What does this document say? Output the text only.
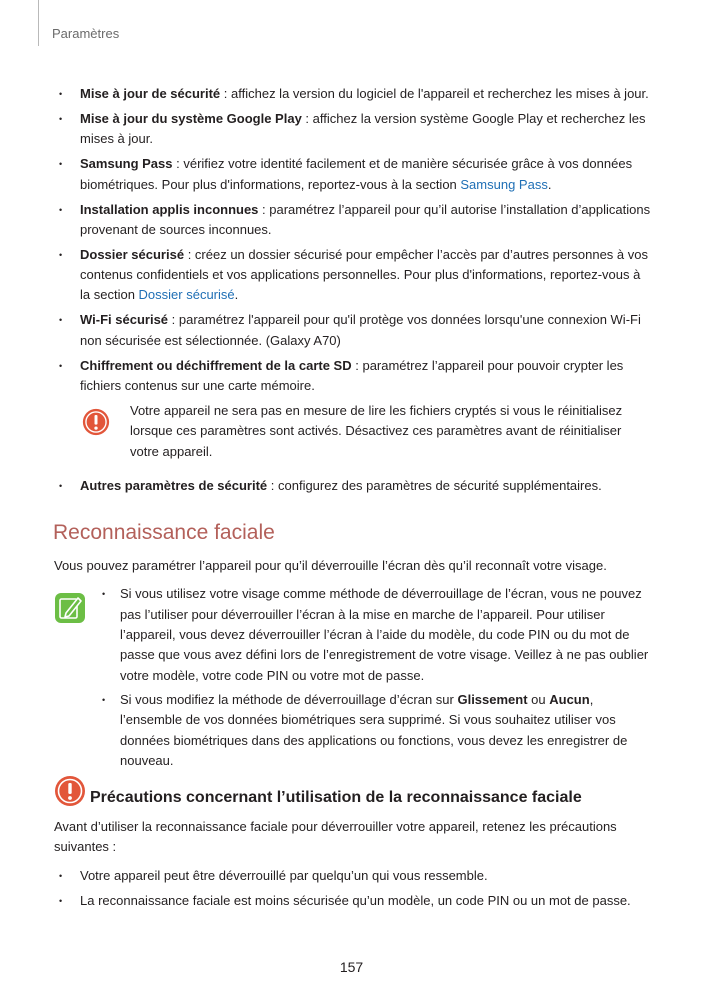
Paramètres
• Mise à jour de sécurité : affichez la version du logiciel de l'appareil et recherchez les mises à jour.
• Mise à jour du système Google Play : affichez la version système Google Play et recherchez les mises à jour.
• Samsung Pass : vérifiez votre identité facilement et de manière sécurisée grâce à vos données biométriques. Pour plus d'informations, reportez-vous à la section Samsung Pass.
• Installation applis inconnues : paramétrez l’appareil pour qu’il autorise l’installation d’applications provenant de sources inconnues.
• Dossier sécurisé : créez un dossier sécurisé pour empêcher l’accès par d’autres personnes à vos contenus confidentiels et vos applications personnelles. Pour plus d'informations, reportez-vous à la section Dossier sécurisé.
• Wi-Fi sécurisé : paramétrez l'appareil pour qu'il protège vos données lorsqu'une connexion Wi-Fi non sécurisée est sélectionnée. (Galaxy A70)
• Chiffrement ou déchiffrement de la carte SD : paramétrez l’appareil pour pouvoir crypter les fichiers contenus sur une carte mémoire.
Votre appareil ne sera pas en mesure de lire les fichiers cryptés si vous le réinitialisez lorsque ces paramètres sont activés. Désactivez ces paramètres avant de réinitialiser votre appareil.
• Autres paramètres de sécurité : configurez des paramètres de sécurité supplémentaires.
Reconnaissance faciale
Vous pouvez paramétrer l’appareil pour qu’il déverrouille l’écran dès qu’il reconnaît votre visage.
• Si vous utilisez votre visage comme méthode de déverrouillage de l’écran, vous ne pouvez pas l’utiliser pour déverrouiller l’écran à la mise en marche de l’appareil. Pour utiliser l’appareil, vous devez déverrouiller l’écran à l’aide du modèle, du code PIN ou du mot de passe que vous avez défini lors de l’enregistrement de votre visage. Veillez à ne pas oublier votre modèle, votre code PIN ou votre mot de passe.
• Si vous modifiez la méthode de déverrouillage d’écran sur Glissement ou Aucun, l’ensemble de vos données biométriques sera supprimé. Si vous souhaitez utiliser vos données biométriques dans des applications ou fonctions, vous devez les enregistrer de nouveau.
Précautions concernant l’utilisation de la reconnaissance faciale
Avant d’utiliser la reconnaissance faciale pour déverrouiller votre appareil, retenez les précautions suivantes :
• Votre appareil peut être déverrouillé par quelqu’un qui vous ressemble.
• La reconnaissance faciale est moins sécurisée qu’un modèle, un code PIN ou un mot de passe.
157
